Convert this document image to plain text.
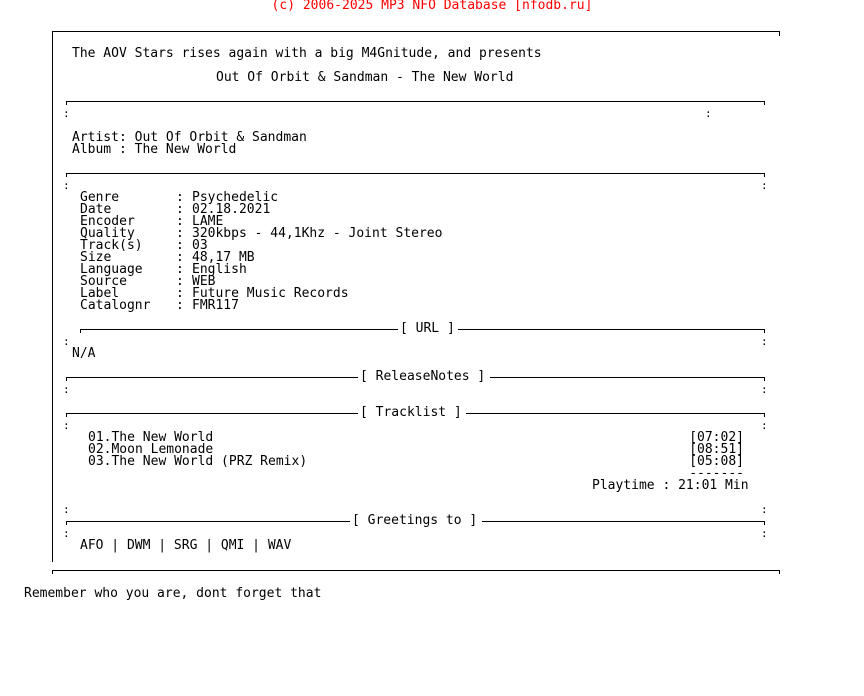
(c) 2006-2025 MP3 NFO Database [nfodb.ru]
The AOV Stars rises again with a big M4Gnitude, and presents
Out Of Orbit & Sandman - The New World
:	:
Artist: Out Of Orbit & Sandman
Album : The New World
:	:
Genre	: Psychedelic
Date	: 02.18.2021
Encoder	: LAME
Quality	: 320kbps - 44,1Khz - Joint Stereo
Track(s)	: 03
Size	: 48,17 MB
Language	: English
Source	: WEB
Label	: Future Music Records
Catalognr : FMR117
[ URL ]
:	:
N/A
[ ReleaseNotes ]
:	:
[ Tracklist ]
:	:
01.The New World	[07:02]
02.Moon Lemonade	[08:51]
03.The New World (PRZ Remix)	[05:08]
-------
Playtime : 21:01 Min
:	:
[ Greetings to ]
:	:
AFO | DWM | SRG | QMI | WAV
Remember who you are, dont forget that
